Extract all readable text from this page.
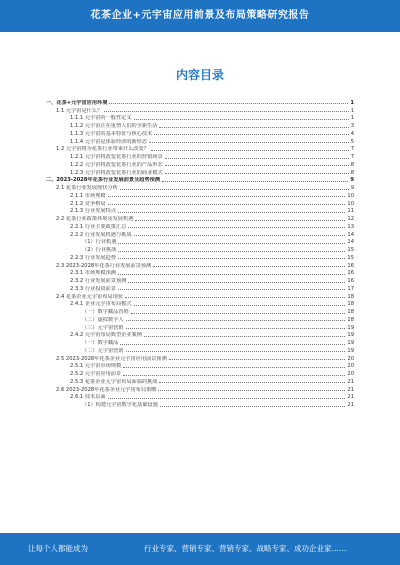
花茶企业+元宇宙应用前景及布局策略研究报告
内容目录
一、花茶+元宇宙应用环境	1
1.1 元宇宙是什么？	1
1.1.1 元宇宙的一般性定义	1
1.1.2 元宇宙正在重塑人们的全新生活	3
1.1.3 元宇宙的基本特征与核心技术	4
1.1.4 元宇宙是体验经济的新形态	5
1.2 元宇宙将为花茶行业带来什么改变？	7
1.2.1 元宇宙将改变花茶行业的营销场景	7
1.2.2 元宇宙将改变花茶行业的产品形态	8
1.2.3 元宇宙将改变花茶行业的商业模式	8
二、2023-2028年花茶行业发展前景及趋势预测	9
2.1 花茶行业发展现状分析	9
2.1.1 市场规模	10
2.1.2 竞争格局	10
2.1.3 行业发展特点	11
2.2 花茶行业政策环境及发展机遇	12
2.2.1 行业主要政策汇总	13
2.2.2 行业发展机遇与挑战	14
（1）行业机遇	14
（2）行业挑战	15
2.2.3 行业发展趋势	15
2.3 2023-2028年花茶行业发展前景预测	16
2.3.1 市场规模预测	16
2.3.2 行业发展前景预测	16
2.3.3 行业投资前景	17
2.4 花茶企业元宇宙布局现状	18
2.4.1 企业元宇宙布局模式	18
（一）数字藏品营销	18
（二）虚拟数字人	18
（三）元宇宙营销	19
2.4.2 元宇宙布局典型企业案例	19
（一）数字藏品	19
（二）元宇宙营销	19
2.5 2023-2028年花茶企业元宇宙应用前景预测	20
2.5.1 元宇宙市场规模	20
2.5.2 元宇宙应用前景	20
2.5.3 花茶企业元宇宙布局面临的挑战	21
2.6 2023-2028年花茶企业元宇宙布局策略	21
2.6.1 技术层面	21
（1）构建元宇宙数字化基础设施	21
让每个人都能成为	行业专家、营销专家、营销专家、战略专家、成功企业家……
